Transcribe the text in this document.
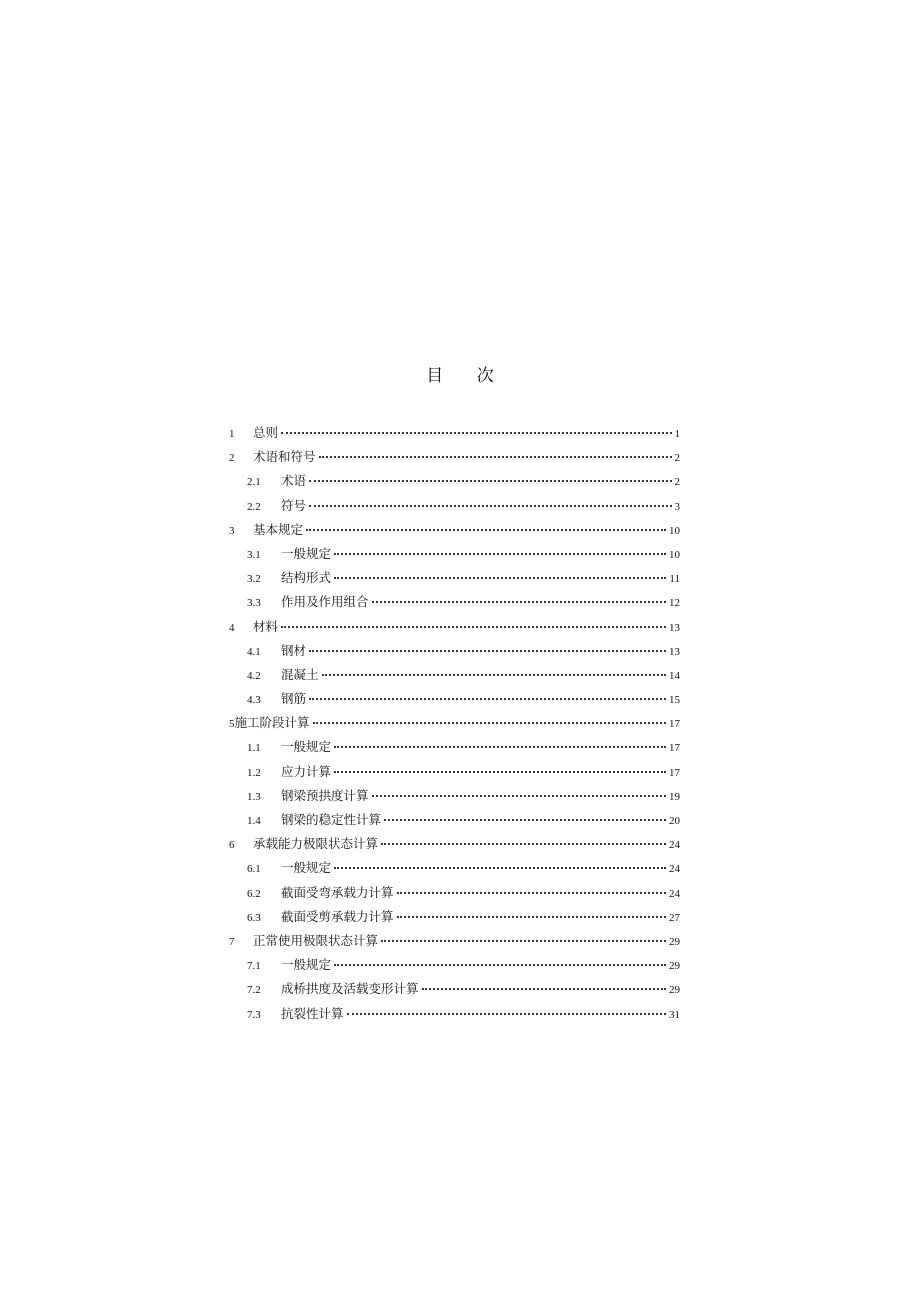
目 次
1	总则	1
2	术语和符号	2
2.1	术语	2
2.2	符号	3
3	基本规定	10
3.1	一般规定	10
3.2	结构形式	11
3.3	作用及作用组合	12
4	材料	13
4.1	钢材	13
4.2	混凝土	14
4.3	钢筋	15
5 施工阶段计算	17
1.1	一般规定	17
1.2	应力计算	17
1.3	钢梁预拱度计算	19
1.4	钢梁的稳定性计算	20
6	承载能力极限状态计算	24
6.1	一般规定	24
6.2	截面受弯承载力计算	24
6.3	截面受剪承载力计算	27
7	正常使用极限状态计算	29
7.1	一般规定	29
7.2	成桥拱度及活载变形计算	29
7.3	抗裂性计算	31
